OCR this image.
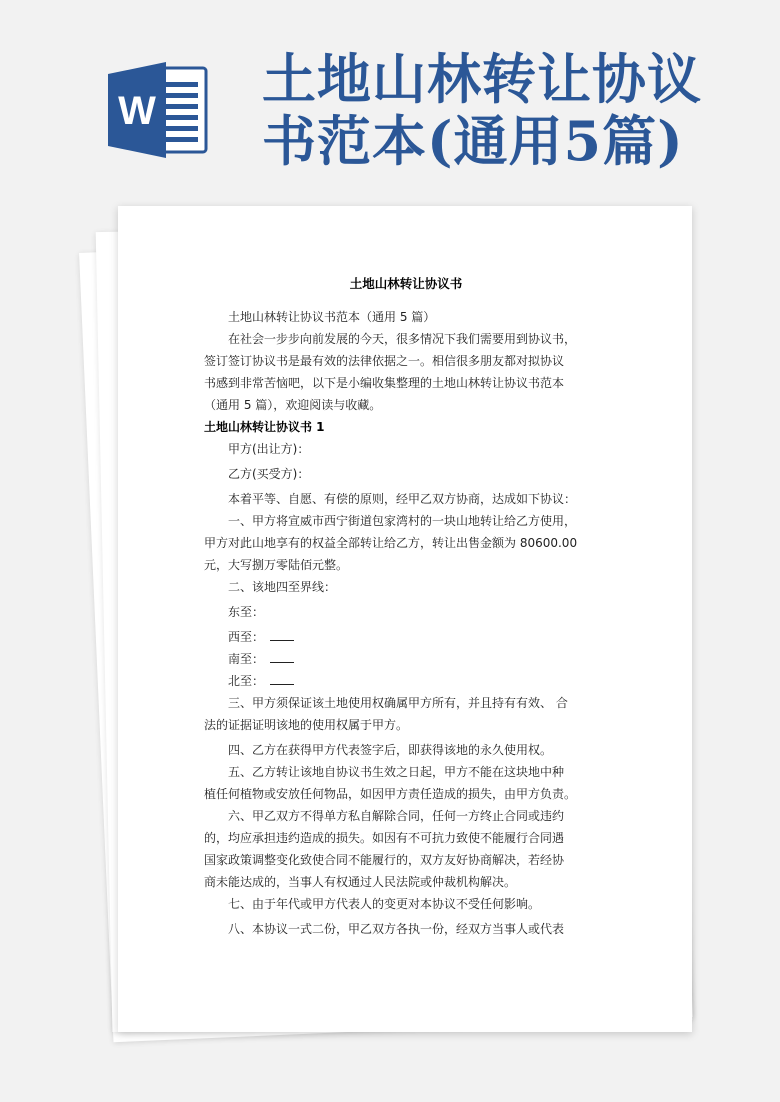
W 土地山林转让协议
书范本(通用5篇)
土地山林转让协议书

土地山林转让协议书范本（通用 5 篇）

在社会一步步向前发展的今天，很多情况下我们需要用到协议书，

签订签订协议书是最有效的法律依据之一。相信很多朋友都对拟协议

书感到非常苦恼吧，以下是小编收集整理的土地山林转让协议书范本

（通用 5 篇），欢迎阅读与收藏。

土地山林转让协议书 1

甲方(出让方)：

乙方(买受方)：

本着平等、自愿、有偿的原则，经甲乙双方协商，达成如下协议：

一、甲方将宣威市西宁街道包家湾村的一块山地转让给乙方使用，

甲方对此山地享有的权益全部转让给乙方，转让出售金额为 80600.00

元，大写捌万零陆佰元整。

二、该地四至界线：

东至：

西至：

南至：

北至：

三、甲方须保证该土地使用权确属甲方所有，并且持有有效、 合

法的证据证明该地的使用权属于甲方。

四、乙方在获得甲方代表签字后，即获得该地的永久使用权。

五、乙方转让该地自协议书生效之日起，甲方不能在这块地中种

植任何植物或安放任何物品，如因甲方责任造成的损失，由甲方负责。

六、甲乙双方不得单方私自解除合同，任何一方终止合同或违约

的，均应承担违约造成的损失。如因有不可抗力致使不能履行合同遇

国家政策调整变化致使合同不能履行的，双方友好协商解决，若经协

商未能达成的，当事人有权通过人民法院或仲裁机构解决。

七、由于年代或甲方代表人的变更对本协议不受任何影响。

八、本协议一式二份，甲乙双方各执一份，经双方当事人或代表
